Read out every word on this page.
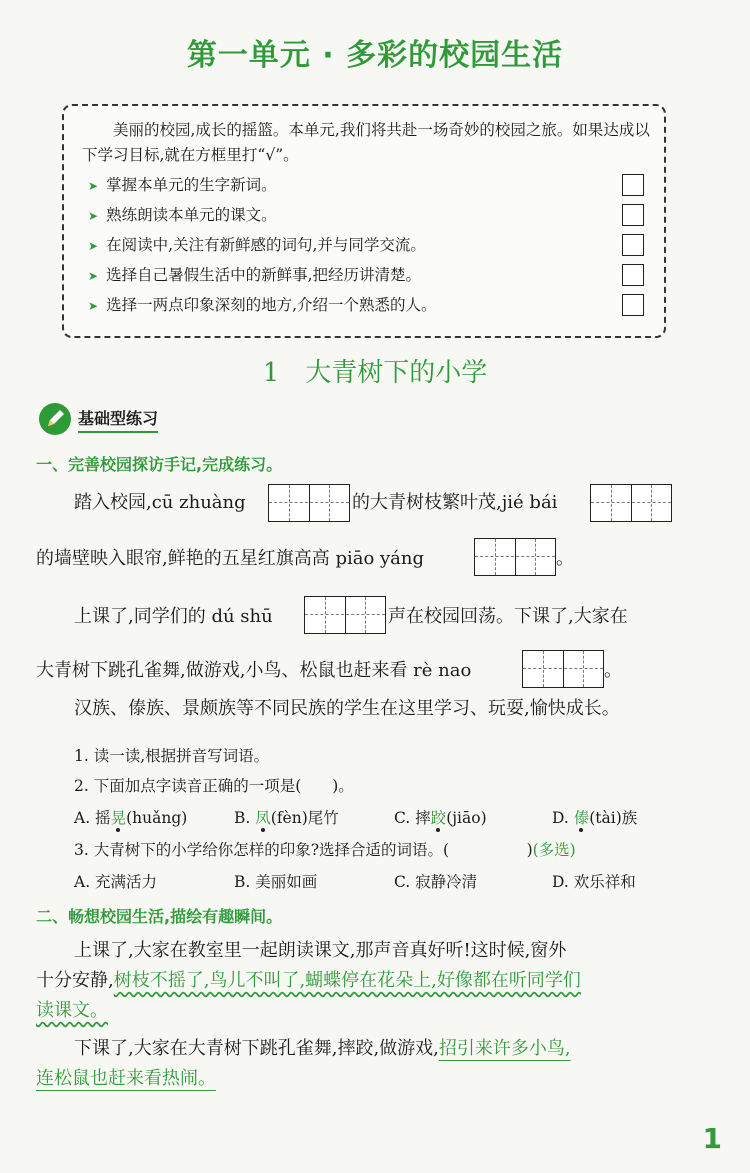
第一单元 · 多彩的校园生活
美丽的校园,成长的摇篮。本单元,我们将共赴一场奇妙的校园之旅。如果达成以下学习目标,就在方框里打“√”。
➤ 掌握本单元的生字新词。
➤ 熟练朗读本单元的课文。
➤ 在阅读中,关注有新鲜感的词句,并与同学交流。
➤ 选择自己暑假生活中的新鲜事,把经历讲清楚。
➤ 选择一两点印象深刻的地方,介绍一个熟悉的人。
1　大青树下的小学
基础型练习
一、完善校园探访手记,完成练习。
踏入校园,cū zhuàng	的大青树枝繁叶茂,jié bái
的墙壁映入眼帘,鲜艳的五星红旗高高 piāo yáng	。
上课了,同学们的 dú shū	声在校园回荡。下课了,大家在
大青树下跳孔雀舞,做游戏,小鸟、松鼠也赶来看 rè nao	。
汉族、傣族、景颇族等不同民族的学生在这里学习、玩耍,愉快成长。
1. 读一读,根据拼音写词语。
2. 下面加点字读音正确的一项是(　　)。
A. 摇晃(huǎng)	B. 凤(fèn)尾竹	C. 摔跤(jiāo)	D. 傣(tài)族
3. 大青树下的小学给你怎样的印象?选择合适的词语。(　　　　　)(多选)
A. 充满活力	B. 美丽如画	C. 寂静冷清	D. 欢乐祥和
二、畅想校园生活,描绘有趣瞬间。
上课了,大家在教室里一起朗读课文,那声音真好听!这时候,窗外
十分安静,树枝不摇了,鸟儿不叫了,蝴蝶停在花朵上,好像都在听同学们
读课文。
下课了,大家在大青树下跳孔雀舞,摔跤,做游戏,招引来许多小鸟,
连松鼠也赶来看热闹。
1
